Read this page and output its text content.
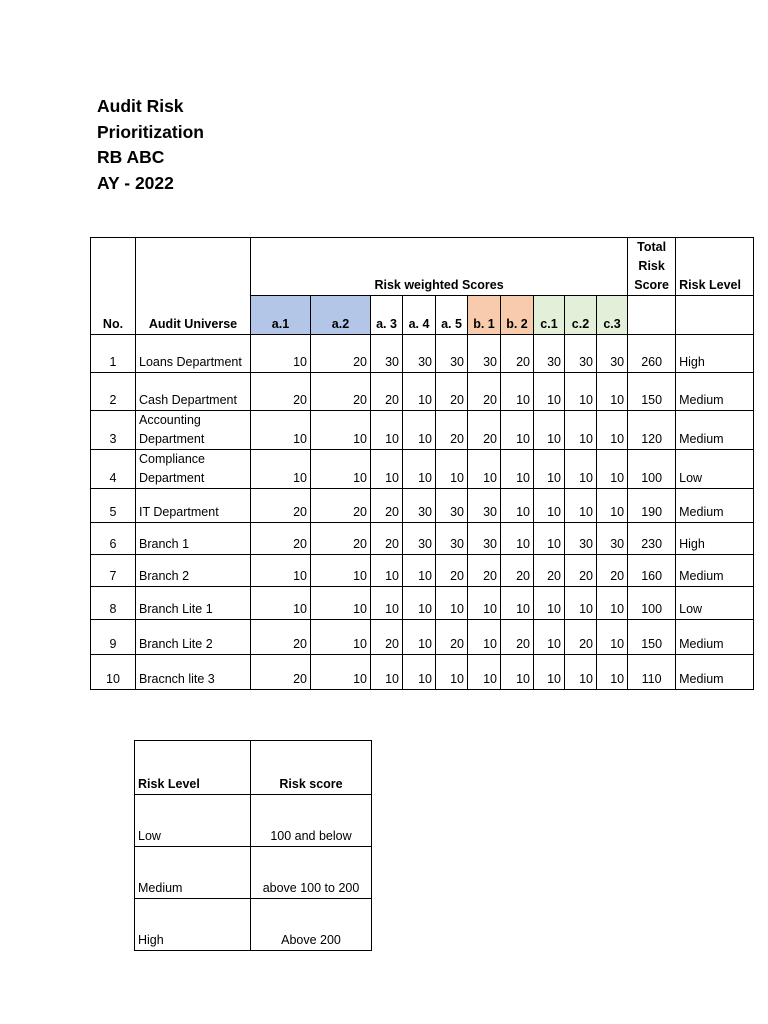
Audit Risk
Prioritization
RB ABC
AY - 2022
No.	Audit Universe	Risk weighted Scores										Total Risk Score	Risk Level
		a.1	a.2	a. 3	a. 4	a. 5	b. 1	b. 2	c.1	c.2	c.3		
1	Loans Department	10	20	30	30	30	30	20	30	30	30	260	High
2	Cash Department	20	20	20	10	20	20	10	10	10	10	150	Medium
3	Accounting Department	10	10	10	10	20	20	10	10	10	10	120	Medium
4	Compliance Department	10	10	10	10	10	10	10	10	10	10	100	Low
5	IT Department	20	20	20	30	30	30	10	10	10	10	190	Medium
6	Branch 1	20	20	20	30	30	30	10	10	30	30	230	High
7	Branch 2	10	10	10	10	20	20	20	20	20	20	160	Medium
8	Branch Lite 1	10	10	10	10	10	10	10	10	10	10	100	Low
9	Branch Lite 2	20	10	20	10	20	10	20	10	20	10	150	Medium
10	Bracnch lite 3	20	10	10	10	10	10	10	10	10	10	110	Medium
Risk Level	Risk score
Low	100 and below
Medium	above 100 to 200
High	Above 200
